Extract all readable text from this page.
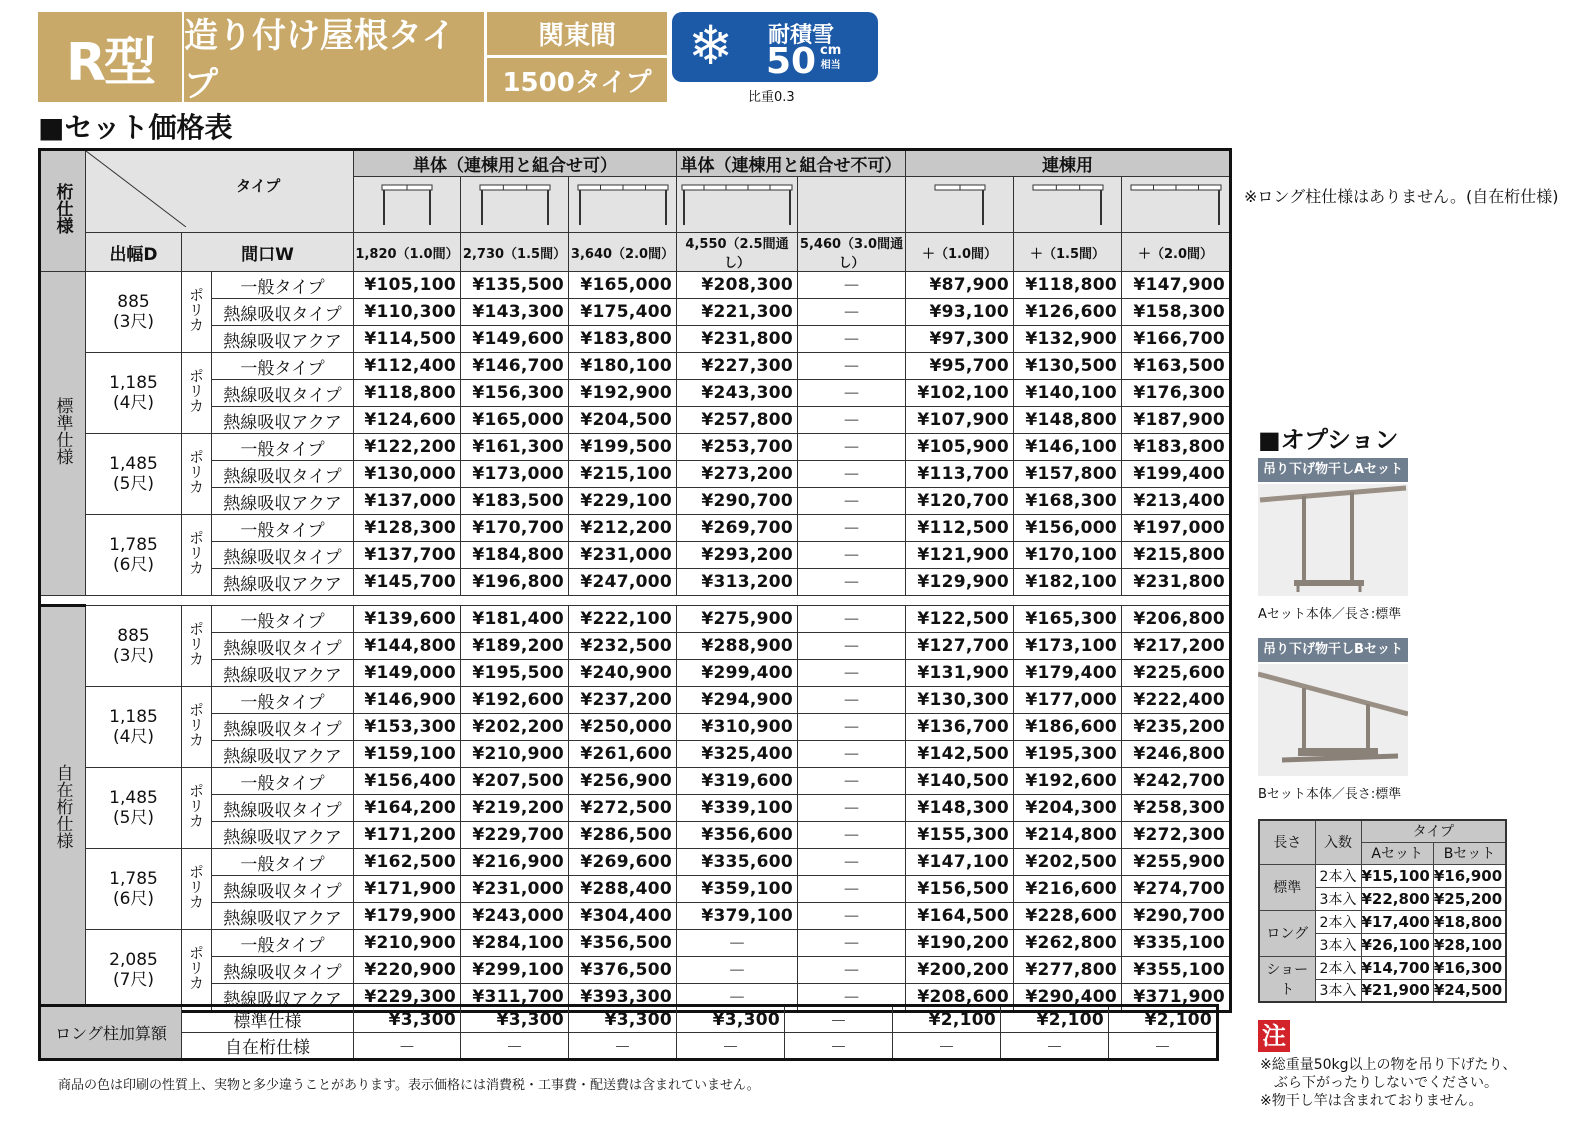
R型 造り付け屋根タイプ
関東間
1500タイプ
❄ 耐積雪
50 cm
相当
比重0.3
■セット価格表
桁仕様	タイプ			単体（連棟用と組合せ可）			単体（連棟用と組合せ不可）		連棟用		

	出幅D	間口W		1,820（1.0間）	2,730（1.5間）	3,640（2.0間）	4,550（2.5間通し）	5,460（3.0間通し）	＋（1.0間）	＋（1.5間）	＋（2.0間）
標準仕様	885
(3尺)	ポリカ	一般タイプ	¥105,100	¥135,500	¥165,000	¥208,300	－	¥87,900	¥118,800	¥147,900
			熱線吸収タイプ	¥110,300	¥143,300	¥175,400	¥221,300	－	¥93,100	¥126,600	¥158,300
			熱線吸収アクア	¥114,500	¥149,600	¥183,800	¥231,800	－	¥97,300	¥132,900	¥166,700

	1,185
(4尺)	ポリカ	一般タイプ	¥112,400	¥146,700	¥180,100	¥227,300	－	¥95,700	¥130,500	¥163,500
			熱線吸収タイプ	¥118,800	¥156,300	¥192,900	¥243,300	－	¥102,100	¥140,100	¥176,300
			熱線吸収アクア	¥124,600	¥165,000	¥204,500	¥257,800	－	¥107,900	¥148,800	¥187,900

	1,485
(5尺)	ポリカ	一般タイプ	¥122,200	¥161,300	¥199,500	¥253,700	－	¥105,900	¥146,100	¥183,800
			熱線吸収タイプ	¥130,000	¥173,000	¥215,100	¥273,200	－	¥113,700	¥157,800	¥199,400
			熱線吸収アクア	¥137,000	¥183,500	¥229,100	¥290,700	－	¥120,700	¥168,300	¥213,400

	1,785
(6尺)	ポリカ	一般タイプ	¥128,300	¥170,700	¥212,200	¥269,700	－	¥112,500	¥156,000	¥197,000
			熱線吸収タイプ	¥137,700	¥184,800	¥231,000	¥293,200	－	¥121,900	¥170,100	¥215,800
			熱線吸収アクア	¥145,700	¥196,800	¥247,000	¥313,200	－	¥129,900	¥182,100	¥231,800

自在桁仕様	885
(3尺)	ポリカ	一般タイプ	¥139,600	¥181,400	¥222,100	¥275,900	－	¥122,500	¥165,300	¥206,800
			熱線吸収タイプ	¥144,800	¥189,200	¥232,500	¥288,900	－	¥127,700	¥173,100	¥217,200
			熱線吸収アクア	¥149,000	¥195,500	¥240,900	¥299,400	－	¥131,900	¥179,400	¥225,600

	1,185
(4尺)	ポリカ	一般タイプ	¥146,900	¥192,600	¥237,200	¥294,900	－	¥130,300	¥177,000	¥222,400
			熱線吸収タイプ	¥153,300	¥202,200	¥250,000	¥310,900	－	¥136,700	¥186,600	¥235,200
			熱線吸収アクア	¥159,100	¥210,900	¥261,600	¥325,400	－	¥142,500	¥195,300	¥246,800

	1,485
(5尺)	ポリカ	一般タイプ	¥156,400	¥207,500	¥256,900	¥319,600	－	¥140,500	¥192,600	¥242,700
			熱線吸収タイプ	¥164,200	¥219,200	¥272,500	¥339,100	－	¥148,300	¥204,300	¥258,300
			熱線吸収アクア	¥171,200	¥229,700	¥286,500	¥356,600	－	¥155,300	¥214,800	¥272,300

	1,785
(6尺)	ポリカ	一般タイプ	¥162,500	¥216,900	¥269,600	¥335,600	－	¥147,100	¥202,500	¥255,900
			熱線吸収タイプ	¥171,900	¥231,000	¥288,400	¥359,100	－	¥156,500	¥216,600	¥274,700
			熱線吸収アクア	¥179,900	¥243,000	¥304,400	¥379,100	－	¥164,500	¥228,600	¥290,700

	2,085
(7尺)	ポリカ	一般タイプ	¥210,900	¥284,100	¥356,500	－	－	¥190,200	¥262,800	¥335,100
			熱線吸収タイプ	¥220,900	¥299,100	¥376,500	－	－	¥200,200	¥277,800	¥355,100
			熱線吸収アクア	¥229,300	¥311,700	¥393,300	－	－	¥208,600	¥290,400	¥371,900
ロング柱加算額	標準仕様	¥3,300	¥3,300	¥3,300	¥3,300	－	¥2,100	¥2,100	¥2,100
	自在桁仕様	－	－	－	－	－	－	－	－
※ロング柱仕様はありません。(自在桁仕様)
■オプション
吊り下げ物干しAセット
Aセット本体／長さ:標準
吊り下げ物干しBセット
Bセット本体／長さ:標準
長さ	入数	タイプ	
		Aセット	Bセット
標準	2本入	¥15,100	¥16,900
	3本入	¥22,800	¥25,200
ロング	2本入	¥17,400	¥18,800
	3本入	¥26,100	¥28,100
ショート	2本入	¥14,700	¥16,300
	3本入	¥21,900	¥24,500
注
※総重量50kg以上の物を吊り下げたり、
ぶら下がったりしないでください。
※物干し竿は含まれておりません。
商品の色は印刷の性質上、実物と多少違うことがあります。表示価格には消費税・工事費・配送費は含まれていません。
